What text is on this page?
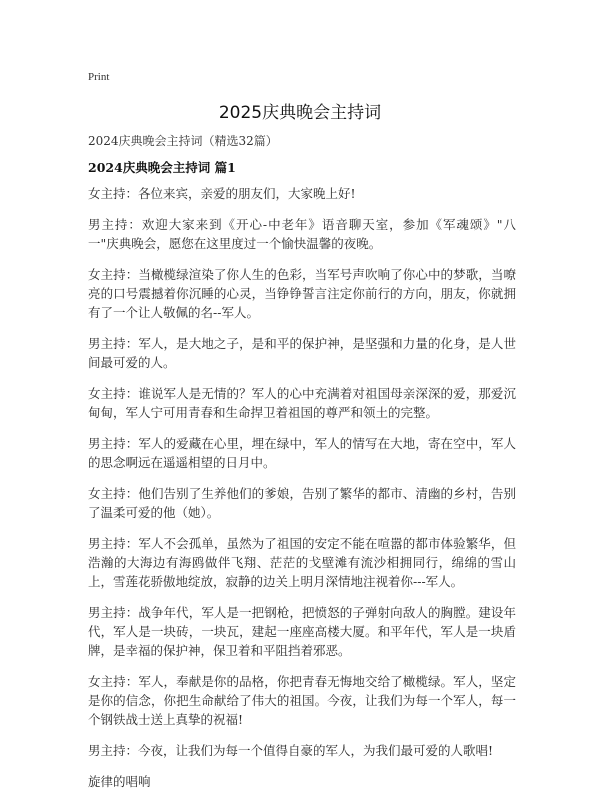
Print
2025庆典晚会主持词
2024庆典晚会主持词（精选32篇）
2024庆典晚会主持词 篇1

女主持：各位来宾，亲爱的朋友们，大家晚上好!

男主持：欢迎大家来到《开心-中老年》语音聊天室，参加《军魂颂》"八一"庆典晚会，愿您在这里度过一个愉快温馨的夜晚。

女主持：当橄榄绿渲染了你人生的色彩，当军号声吹响了你心中的梦歌，当嘹亮的口号震撼着你沉睡的心灵，当铮铮誓言注定你前行的方向，朋友，你就拥有了一个让人敬佩的名--军人。

男主持：军人，是大地之子，是和平的保护神，是坚强和力量的化身，是人世间最可爱的人。

女主持：谁说军人是无情的？军人的心中充满着对祖国母亲深深的爱，那爱沉甸甸，军人宁可用青春和生命捍卫着祖国的尊严和领土的完整。

男主持：军人的爱藏在心里，埋在绿中，军人的情写在大地，寄在空中，军人的思念啊远在遥遥相望的日月中。

女主持：他们告别了生养他们的爹娘，告别了繁华的都市、清幽的乡村，告别了温柔可爱的他（她）。

男主持：军人不会孤单，虽然为了祖国的安定不能在喧嚣的都市体验繁华，但浩瀚的大海边有海鸥做伴飞翔、茫茫的戈壁滩有流沙相拥同行，绵绵的雪山上，雪莲花骄傲地绽放，寂静的边关上明月深情地注视着你---军人。

男主持：战争年代，军人是一把钢枪，把愤怒的子弹射向敌人的胸膛。建设年代，军人是一块砖，一块瓦，建起一座座高楼大厦。和平年代，军人是一块盾牌，是幸福的保护神，保卫着和平阻挡着邪恶。

女主持：军人，奉献是你的品格，你把青春无悔地交给了橄榄绿。军人，坚定是你的信念，你把生命献给了伟大的祖国。今夜，让我们为每一个军人，每一个钢铁战士送上真挚的祝福!

男主持：今夜，让我们为每一个值得自豪的军人，为我们最可爱的人歌唱!

旋律的唱响
